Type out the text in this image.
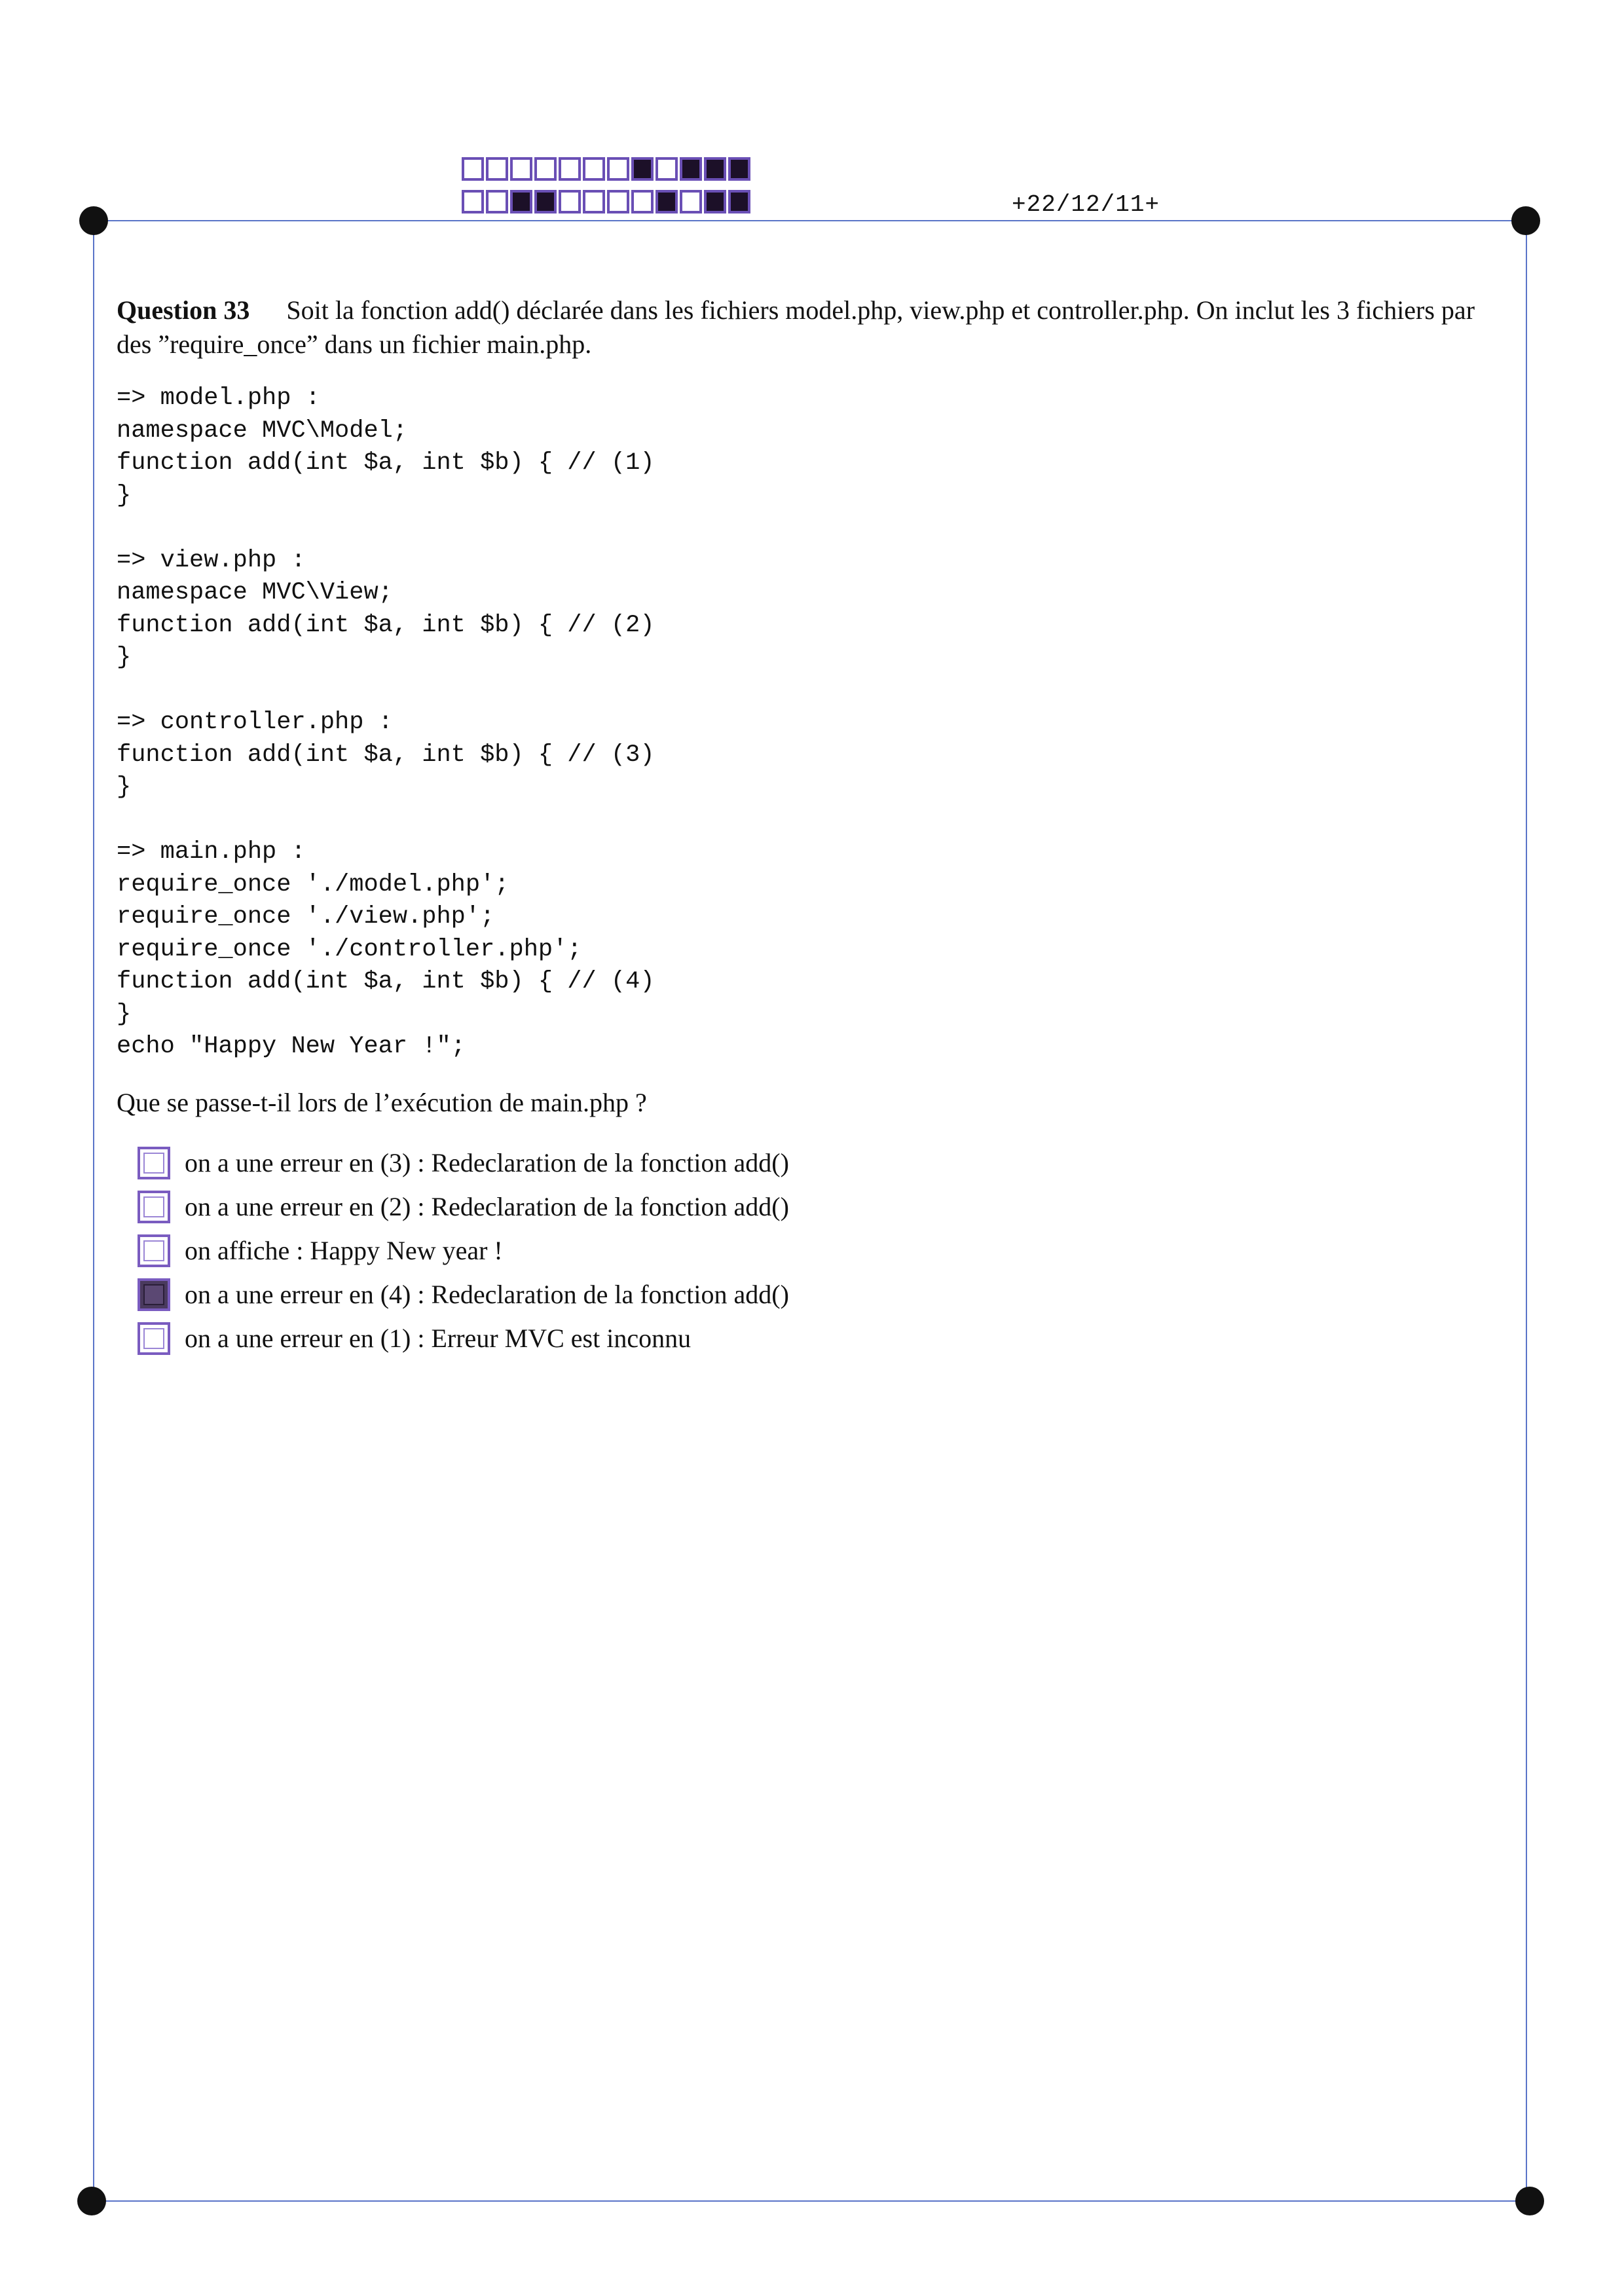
+22/12/11+
Question 33 Soit la fonction add() déclarée dans les fichiers model.php, view.php et controller.php. On inclut les 3 fichiers par des ”require_once” dans un fichier main.php.
=> model.php :
namespace MVC\Model;
function add(int $a, int $b) { // (1)
}
=> view.php :
namespace MVC\View;
function add(int $a, int $b) { // (2)
}
=> controller.php :
function add(int $a, int $b) { // (3)
}
=> main.php :
require_once './model.php';
require_once './view.php';
require_once './controller.php';
function add(int $a, int $b) { // (4)
}
echo "Happy New Year !";
Que se passe-t-il lors de l’exécution de main.php ?
on a une erreur en (3) : Redeclaration de la fonction add()
on a une erreur en (2) : Redeclaration de la fonction add()
on affiche : Happy New year !
on a une erreur en (4) : Redeclaration de la fonction add()
on a une erreur en (1) : Erreur MVC est inconnu
